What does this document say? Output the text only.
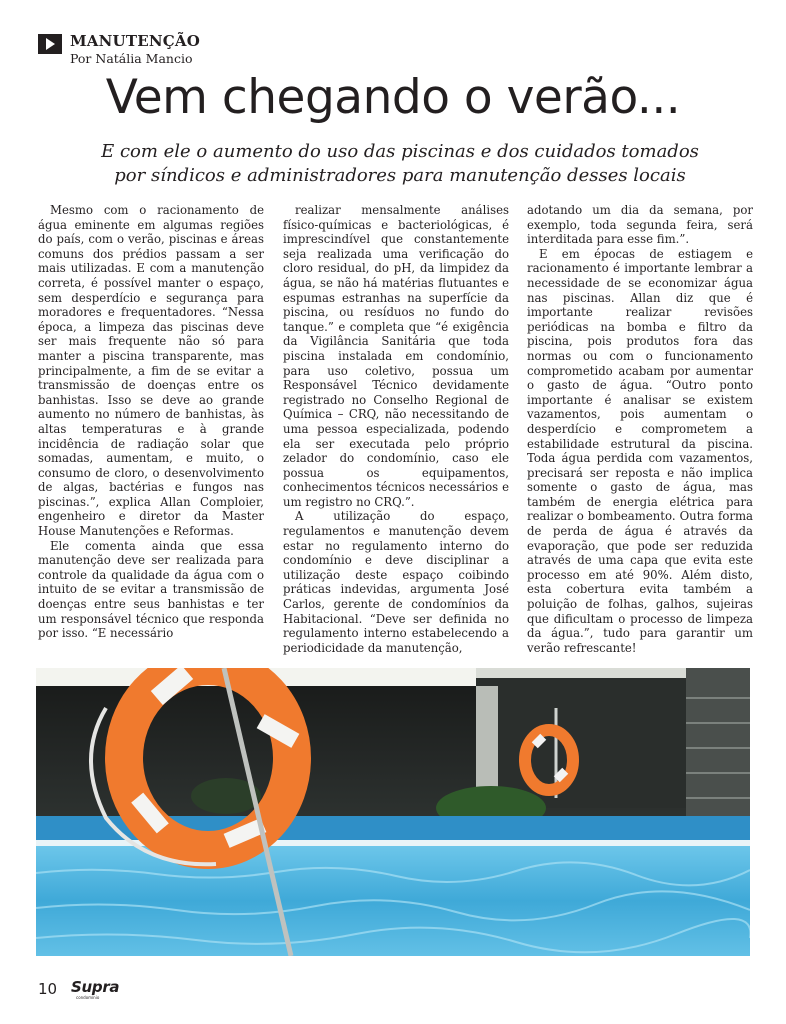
MANUTENÇÃO
Por Natália Mancio
Vem chegando o verão...
E com ele o aumento do uso das piscinas e dos cuidados tomados
por síndicos e administradores para manutenção desses locais

Mesmo com o racionamento de água eminente em algumas regiões do país, com o verão, piscinas e áreas comuns dos prédios passam a ser mais utilizadas. E com a manutenção correta, é possível manter o espaço, sem desperdício e segurança para moradores e frequentadores. “Nessa época, a limpeza das piscinas deve ser mais frequente não só para manter a piscina transparente, mas principalmente, a fim de se evitar a transmissão de doenças entre os banhistas. Isso se deve ao grande aumento no número de banhistas, às altas temperaturas e à grande incidência de radiação solar que somadas, aumentam, e muito, o consumo de cloro, o desenvolvimento de algas, bactérias e fungos nas piscinas.”, explica Allan Comploier, engenheiro e diretor da Master House Manutenções e Reformas.

Ele comenta ainda que essa manutenção deve ser realizada para controle da qualidade da água com o intuito de se evitar a transmissão de doenças entre seus banhistas e ter um responsável técnico que responda por isso. “E necessário

realizar mensalmente análises físico-químicas e bacteriológicas, é imprescindível que constantemente seja realizada uma verificação do cloro residual, do pH, da limpidez da água, se não há matérias flutuantes e espumas estranhas na superfície da piscina, ou resíduos no fundo do tanque.” e completa que “é exigência da Vigilância Sanitária que toda piscina instalada em condomínio, para uso coletivo, possua um Responsável Técnico devidamente registrado no Conselho Regional de Química – CRQ, não necessitando de uma pessoa especializada, podendo ela ser executada pelo próprio zelador do condomínio, caso ele possua os equipamentos, conhecimentos técnicos necessários e um registro no CRQ.”.

A utilização do espaço, regulamentos e manutenção devem estar no regulamento interno do condomínio e deve disciplinar a utilização deste espaço coibindo práticas indevidas, argumenta José Carlos, gerente de condomínios da Habitacional. “Deve ser definida no regulamento interno estabelecendo a periodicidade da manutenção,

adotando um dia da semana, por exemplo, toda segunda feira, será interditada para esse fim.”.

E em épocas de estiagem e racionamento é importante lembrar a necessidade de se economizar água nas piscinas. Allan diz que é importante realizar revisões periódicas na bomba e filtro da piscina, pois produtos fora das normas ou com o funcionamento comprometido acabam por aumentar o gasto de água. “Outro ponto importante é analisar se existem vazamentos, pois aumentam o desperdício e comprometem a estabilidade estrutural da piscina. Toda água perdida com vazamentos, precisará ser reposta e não implica somente o gasto de água, mas também de energia elétrica para realizar o bombeamento. Outra forma de perda de água é através da evaporação, que pode ser reduzida através de uma capa que evita este processo em até 90%. Além disto, esta cobertura evita também a poluição de folhas, galhos, sujeiras que dificultam o processo de limpeza da água.”, tudo para garantir um verão refrescante!

10 Supra
condomínio
